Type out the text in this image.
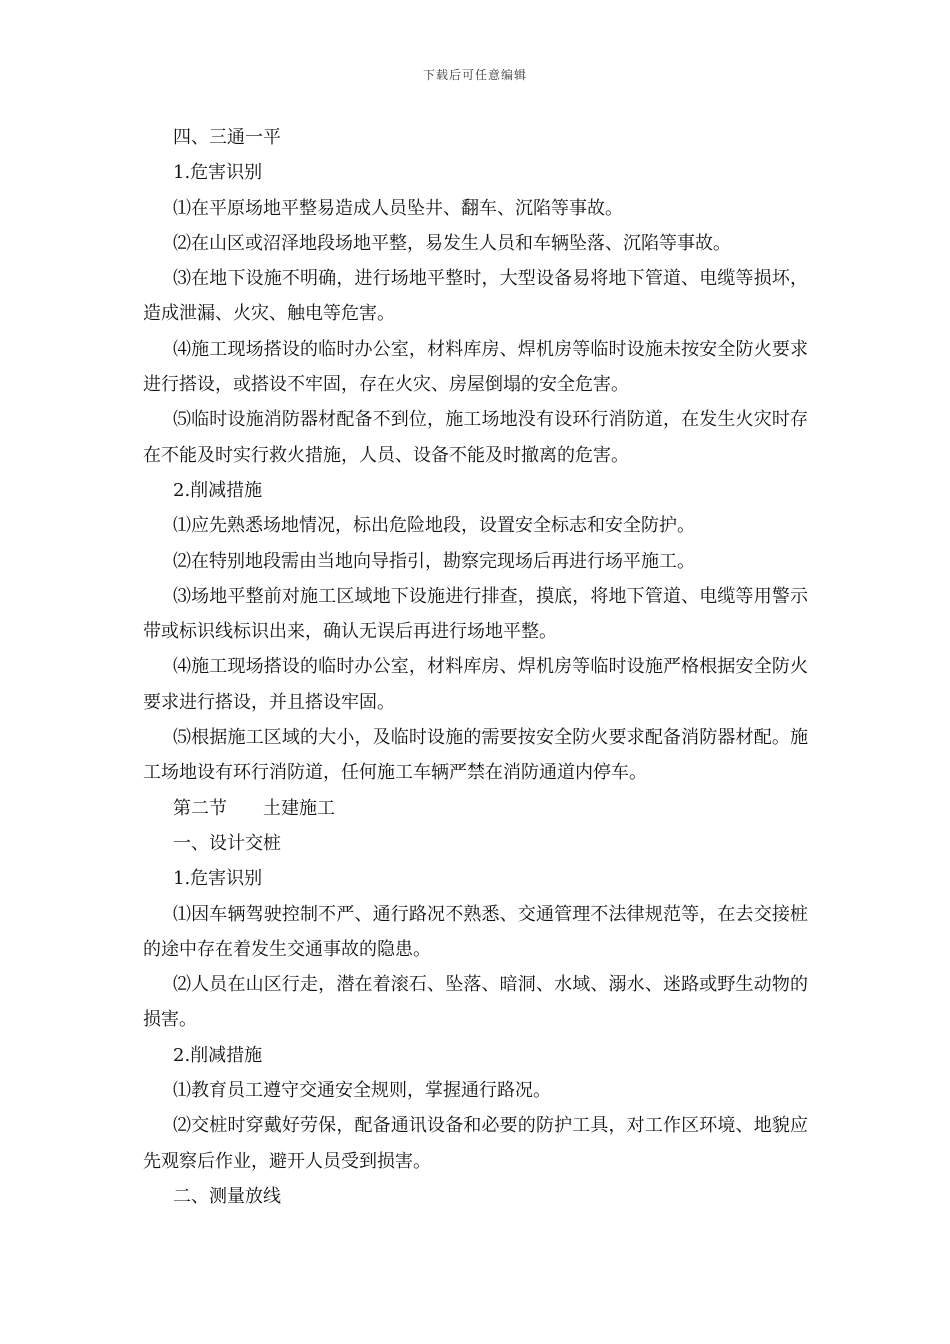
下载后可任意编辑

四、三通一平

1.危害识别

⑴在平原场地平整易造成人员坠井、翻车、沉陷等事故。

⑵在山区或沼泽地段场地平整，易发生人员和车辆坠落、沉陷等事故。

⑶在地下设施不明确，进行场地平整时，大型设备易将地下管道、电缆等损坏，造成泄漏、火灾、触电等危害。

⑷施工现场搭设的临时办公室，材料库房、焊机房等临时设施未按安全防火要求进行搭设，或搭设不牢固，存在火灾、房屋倒塌的安全危害。

⑸临时设施消防器材配备不到位，施工场地没有设环行消防道，在发生火灾时存在不能及时实行救火措施，人员、设备不能及时撤离的危害。

2.削减措施

⑴应先熟悉场地情况，标出危险地段，设置安全标志和安全防护。

⑵在特别地段需由当地向导指引，勘察完现场后再进行场平施工。

⑶场地平整前对施工区域地下设施进行排查，摸底，将地下管道、电缆等用警示带或标识线标识出来，确认无误后再进行场地平整。

⑷施工现场搭设的临时办公室，材料库房、焊机房等临时设施严格根据安全防火要求进行搭设，并且搭设牢固。

⑸根据施工区域的大小，及临时设施的需要按安全防火要求配备消防器材配。施工场地设有环行消防道，任何施工车辆严禁在消防通道内停车。

第二节　　土建施工

一、设计交桩

1.危害识别

⑴因车辆驾驶控制不严、通行路况不熟悉、交通管理不法律规范等，在去交接桩的途中存在着发生交通事故的隐患。

⑵人员在山区行走，潜在着滚石、坠落、暗洞、水域、溺水、迷路或野生动物的损害。

2.削减措施

⑴教育员工遵守交通安全规则，掌握通行路况。

⑵交桩时穿戴好劳保，配备通讯设备和必要的防护工具，对工作区环境、地貌应先观察后作业，避开人员受到损害。

二、测量放线
